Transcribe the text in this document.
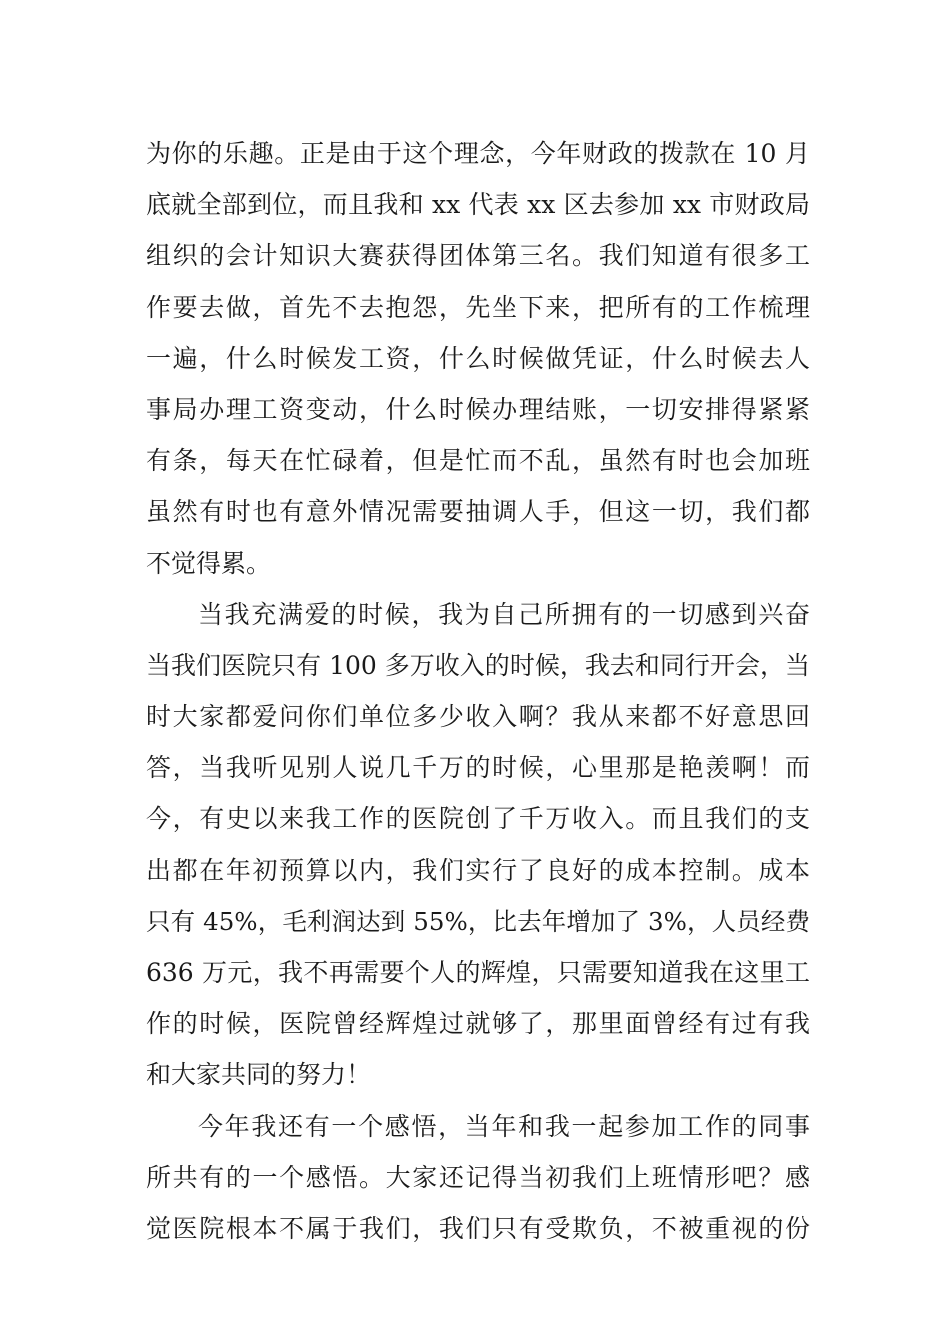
为你的乐趣。正是由于这个理念，今年财政的拨款在 10 月
底就全部到位，而且我和 xx 代表 xx 区去参加 xx 市财政局
组织的会计知识大赛获得团体第三名。我们知道有很多工
作要去做，首先不去抱怨，先坐下来，把所有的工作梳理
一遍，什么时候发工资，什么时候做凭证，什么时候去人
事局办理工资变动，什么时候办理结账，一切安排得紧紧
有条，每天在忙碌着，但是忙而不乱，虽然有时也会加班
虽然有时也有意外情况需要抽调人手，但这一切，我们都
不觉得累。
当我充满爱的时候，我为自己所拥有的一切感到兴奋
当我们医院只有 100 多万收入的时候，我去和同行开会，当
时大家都爱问你们单位多少收入啊？我从来都不好意思回
答，当我听见别人说几千万的时候，心里那是艳羡啊！而
今，有史以来我工作的医院创了千万收入。而且我们的支
出都在年初预算以内，我们实行了良好的成本控制。成本
只有 45%，毛利润达到 55%，比去年增加了 3%，人员经费
636 万元，我不再需要个人的辉煌，只需要知道我在这里工
作的时候，医院曾经辉煌过就够了，那里面曾经有过有我
和大家共同的努力！
今年我还有一个感悟，当年和我一起参加工作的同事
所共有的一个感悟。大家还记得当初我们上班情形吧？感
觉医院根本不属于我们，我们只有受欺负，不被重视的份
